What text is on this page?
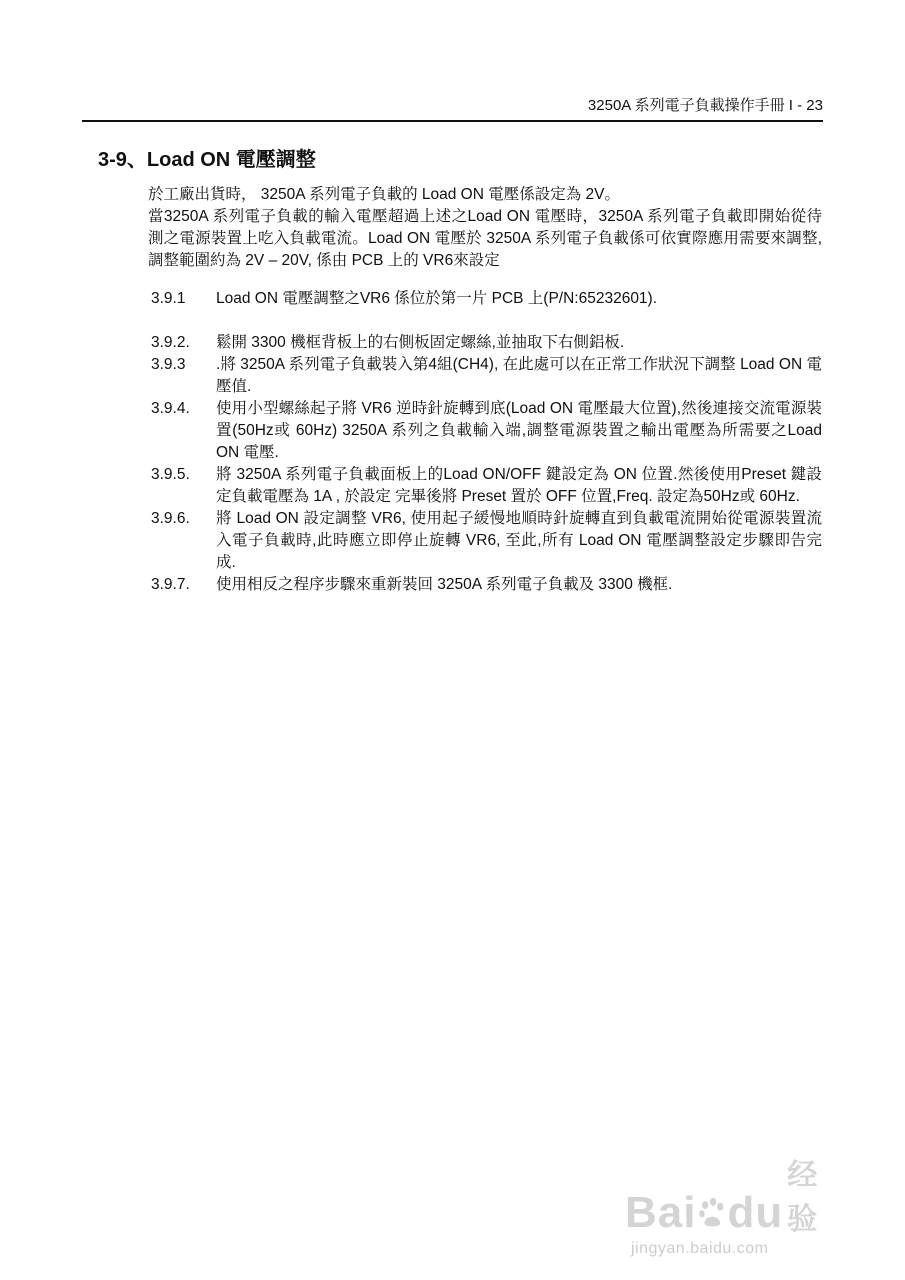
3250A 系列電子負載操作手冊 I - 23
3-9、Load ON 電壓調整

於工廠出貨時， 3250A 系列電子負載的 Load ON 電壓係設定為 2V。

當3250A 系列電子負載的輸入電壓超過上述之Load ON 電壓時，3250A 系列電子負載即開始從待測之電源裝置上吃入負載電流。Load ON 電壓於 3250A 系列電子負載係可依實際應用需要來調整,調整範圍約為 2V – 20V, 係由 PCB 上的 VR6來設定

3.9.1	Load ON 電壓調整之VR6 係位於第一片 PCB 上(P/N:65232601).
3.9.2.	鬆開 3300 機框背板上的右側板固定螺絲,並抽取下右側鋁板.
3.9.3	.將 3250A 系列電子負載裝入第4組(CH4), 在此處可以在正常工作狀況下調整 Load ON 電壓值.
3.9.4.	使用小型螺絲起子將 VR6 逆時針旋轉到底(Load ON 電壓最大位置),然後連接交流電源裝置(50Hz或 60Hz) 3250A 系列之負載輸入端,調整電源裝置之輸出電壓為所需要之Load ON 電壓.
3.9.5.	將 3250A 系列電子負載面板上的Load ON/OFF 鍵設定為 ON 位置.然後使用Preset 鍵設定負載電壓為 1A , 於設定 完畢後將 Preset 置於 OFF 位置,Freq. 設定為50Hz或 60Hz.
3.9.6.	將 Load ON 設定調整 VR6, 使用起子緩慢地順時針旋轉直到負載電流開始從電源裝置流入電子負載時,此時應立即停止旋轉 VR6, 至此,所有 Load ON 電壓調整設定步驟即告完成.
3.9.7.	使用相反之程序步驟來重新裝回 3250A 系列電子負載及 3300 機框.
Bai du
经验
jingyan.baidu.com
